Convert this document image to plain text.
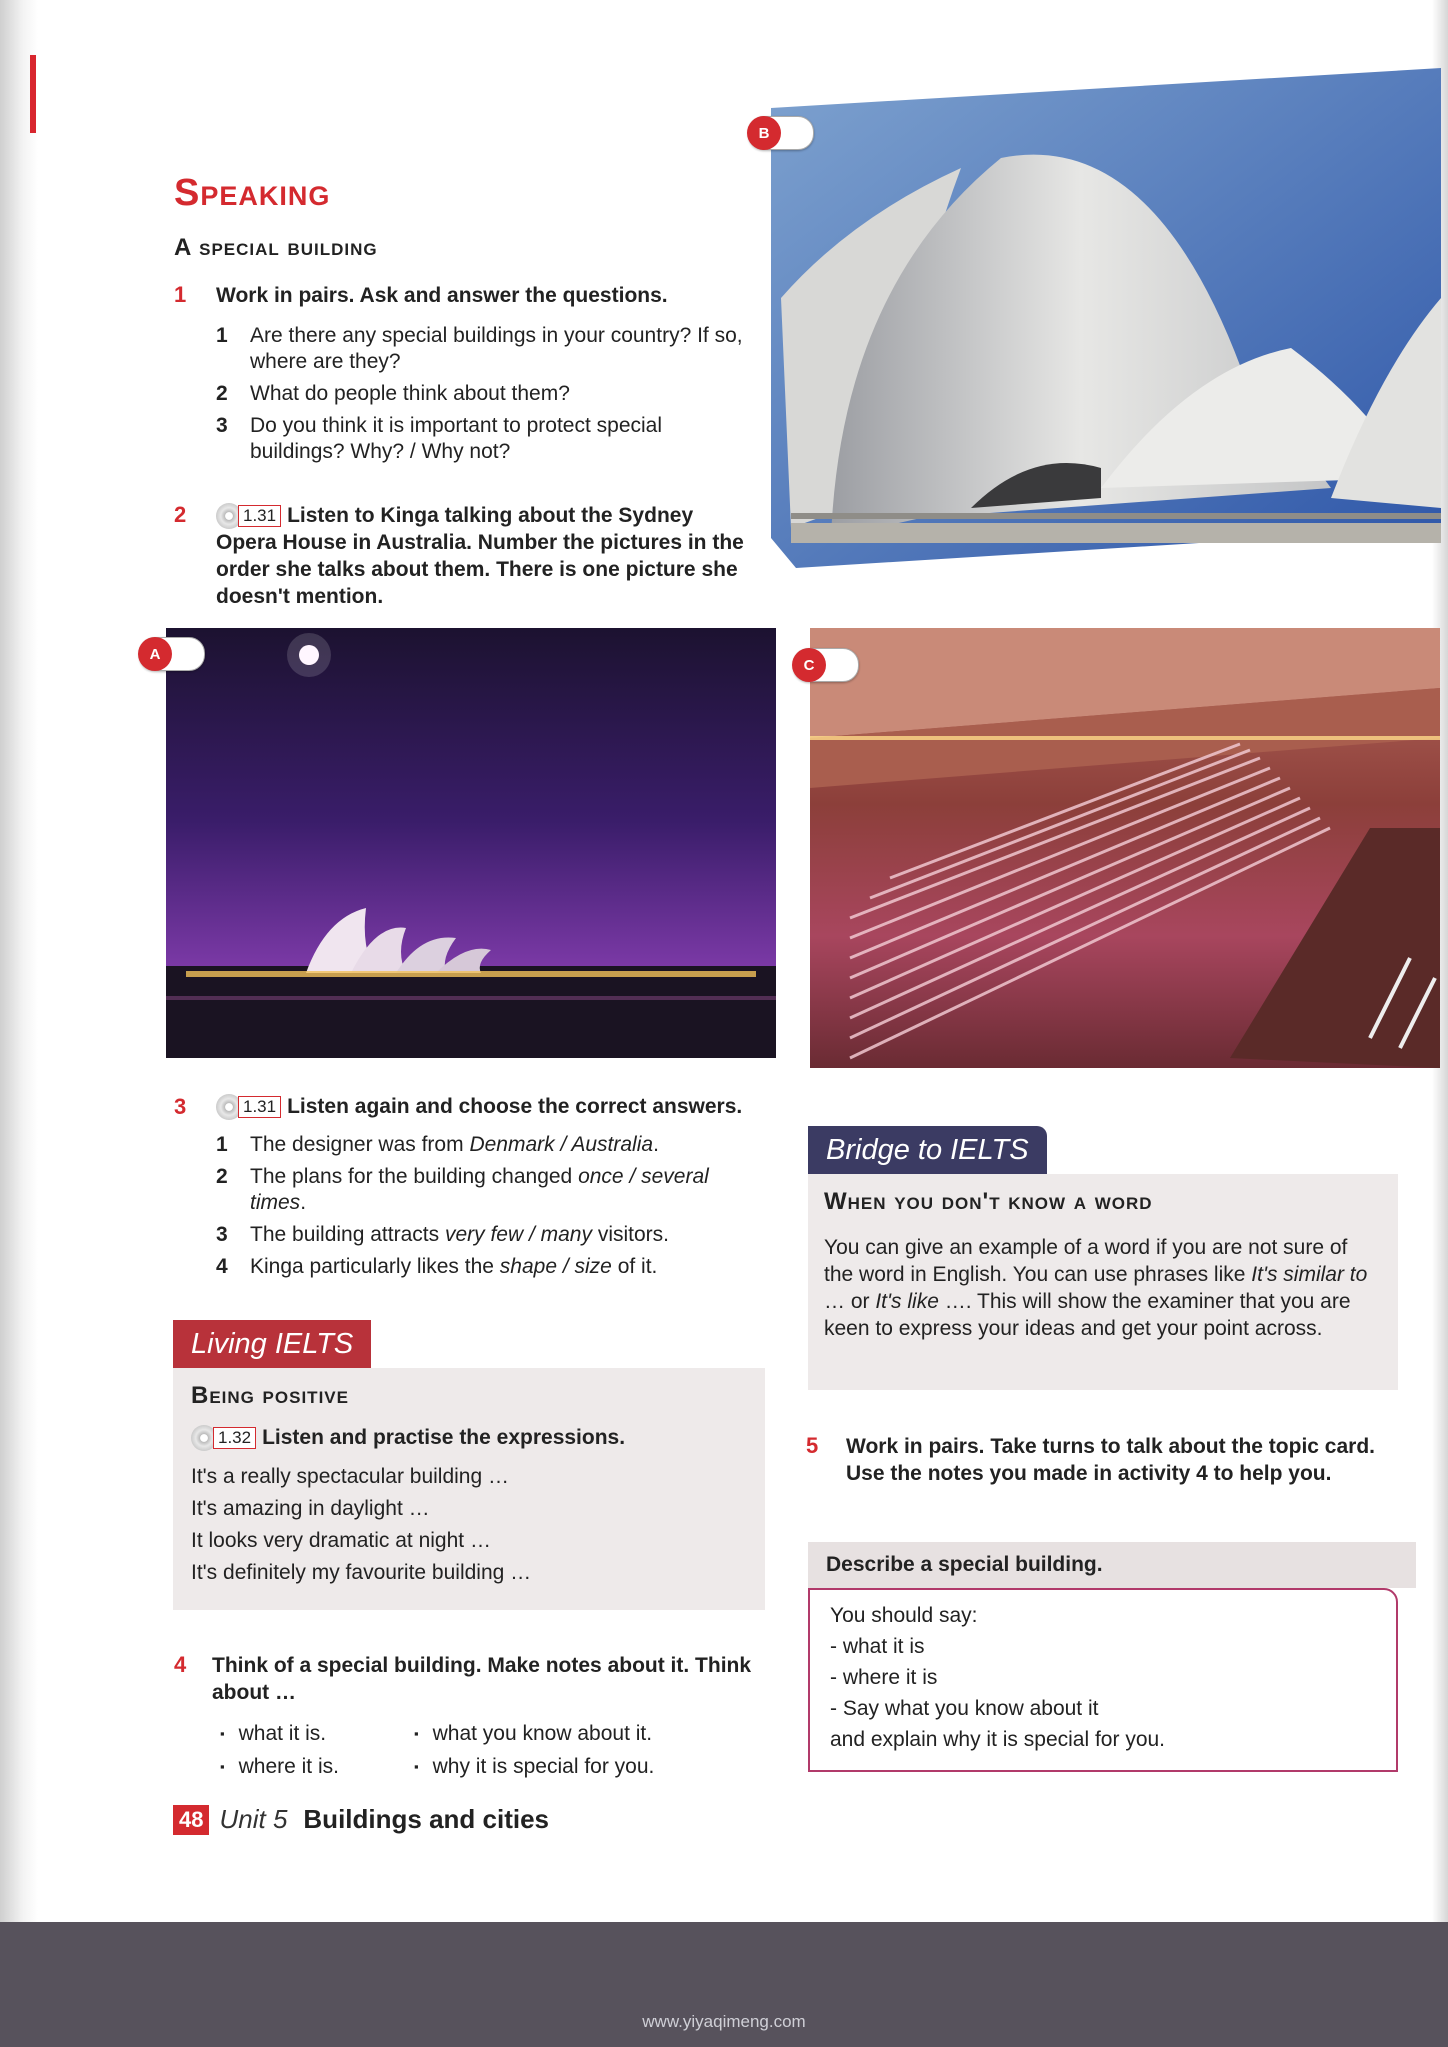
Speaking
A special building
1	Work in pairs. Ask and answer the questions.
1	Are there any special buildings in your country? If so, where are they?
2	What do people think about them?
3	Do you think it is important to protect special buildings? Why? / Why not?
2	1.31 Listen to Kinga talking about the Sydney Opera House in Australia. Number the pictures in the order she talks about them. There is one picture she doesn't mention.
B
A
C
3	1.31 Listen again and choose the correct answers.
1	The designer was from Denmark / Australia.
2	The plans for the building changed once / several times.
3	The building attracts very few / many visitors.
4	Kinga particularly likes the shape / size of it.
Living IELTS
Being positive
1.32 Listen and practise the expressions.
It's a really spectacular building …
It's amazing in daylight …
It looks very dramatic at night …
It's definitely my favourite building …
4	Think of a special building. Make notes about it. Think about …
▪ what it is.
▪ where it is.
▪ what you know about it.
▪ why it is special for you.
48 Unit 5 Buildings and cities
Bridge to IELTS
When you don't know a word

You can give an example of a word if you are not sure of the word in English. You can use phrases like It's similar to … or It's like …. This will show the examiner that you are keen to express your ideas and get your point across.

5	Work in pairs. Take turns to talk about the topic card. Use the notes you made in activity 4 to help you.
Describe a special building.
You should say:
- what it is
- where it is
- Say what you know about it
and explain why it is special for you.
www.yiyaqimeng.com
